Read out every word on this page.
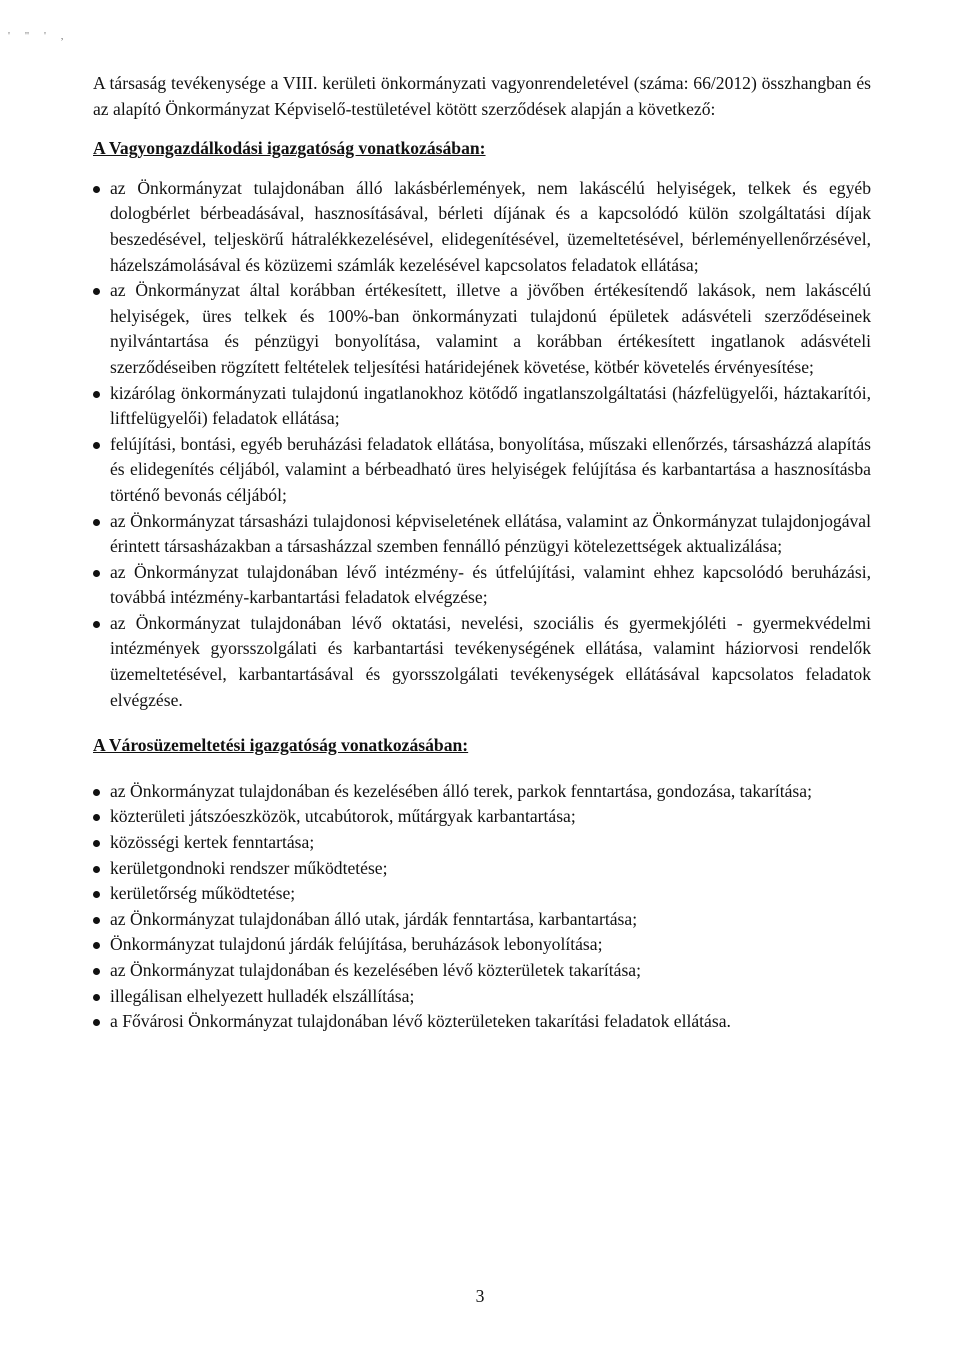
' " ' ,

A társaság tevékenysége a VIII. kerületi önkormányzati vagyonrendeletével (száma: 66/2012) összhangban és az alapító Önkormányzat Képviselő-testületével kötött szerződések alapján a következő:

A Vagyongazdálkodási igazgatóság vonatkozásában:
az Önkormányzat tulajdonában álló lakásbérlemények, nem lakáscélú helyiségek, telkek és egyéb dologbérlet bérbeadásával, hasznosításával, bérleti díjának és a kapcsolódó külön szolgáltatási díjak beszedésével, teljeskörű hátralékkezelésével, elidegenítésével, üzemeltetésével, bérleményellenőrzésével, házelszámolásával és közüzemi számlák kezelésével kapcsolatos feladatok ellátása;
az Önkormányzat által korábban értékesített, illetve a jövőben értékesítendő lakások, nem lakáscélú helyiségek, üres telkek és 100%-ban önkormányzati tulajdonú épületek adásvételi szerződéseinek nyilvántartása és pénzügyi bonyolítása, valamint a korábban értékesített ingatlanok adásvételi szerződéseiben rögzített feltételek teljesítési határidejének követése, kötbér követelés érvényesítése;
kizárólag önkormányzati tulajdonú ingatlanokhoz kötődő ingatlanszolgáltatási (házfelügyelői, háztakarítói, liftfelügyelői) feladatok ellátása;
felújítási, bontási, egyéb beruházási feladatok ellátása, bonyolítása, műszaki ellenőrzés, társasházzá alapítás és elidegenítés céljából, valamint a bérbeadható üres helyiségek felújítása és karbantartása a hasznosításba történő bevonás céljából;
az Önkormányzat társasházi tulajdonosi képviseletének ellátása, valamint az Önkormányzat tulajdonjogával érintett társasházakban a társasházzal szemben fennálló pénzügyi kötelezettségek aktualizálása;
az Önkormányzat tulajdonában lévő intézmény- és útfelújítási, valamint ehhez kapcsolódó beruházási, továbbá intézmény-karbantartási feladatok elvégzése;
az Önkormányzat tulajdonában lévő oktatási, nevelési, szociális és gyermekjóléti - gyermekvédelmi intézmények gyorsszolgálati és karbantartási tevékenységének ellátása, valamint háziorvosi rendelők üzemeltetésével, karbantartásával és gyorsszolgálati tevékenységek ellátásával kapcsolatos feladatok elvégzése.
A Városüzemeltetési igazgatóság vonatkozásában:
az Önkormányzat tulajdonában és kezelésében álló terek, parkok fenntartása, gondozása, takarítása;
közterületi játszóeszközök, utcabútorok, műtárgyak karbantartása;
közösségi kertek fenntartása;
kerületgondnoki rendszer működtetése;
kerületőrség működtetése;
az Önkormányzat tulajdonában álló utak, járdák fenntartása, karbantartása;
Önkormányzat tulajdonú járdák felújítása, beruházások lebonyolítása;
az Önkormányzat tulajdonában és kezelésében lévő közterületek takarítása;
illegálisan elhelyezett hulladék elszállítása;
a Fővárosi Önkormányzat tulajdonában lévő közterületeken takarítási feladatok ellátása.
3
